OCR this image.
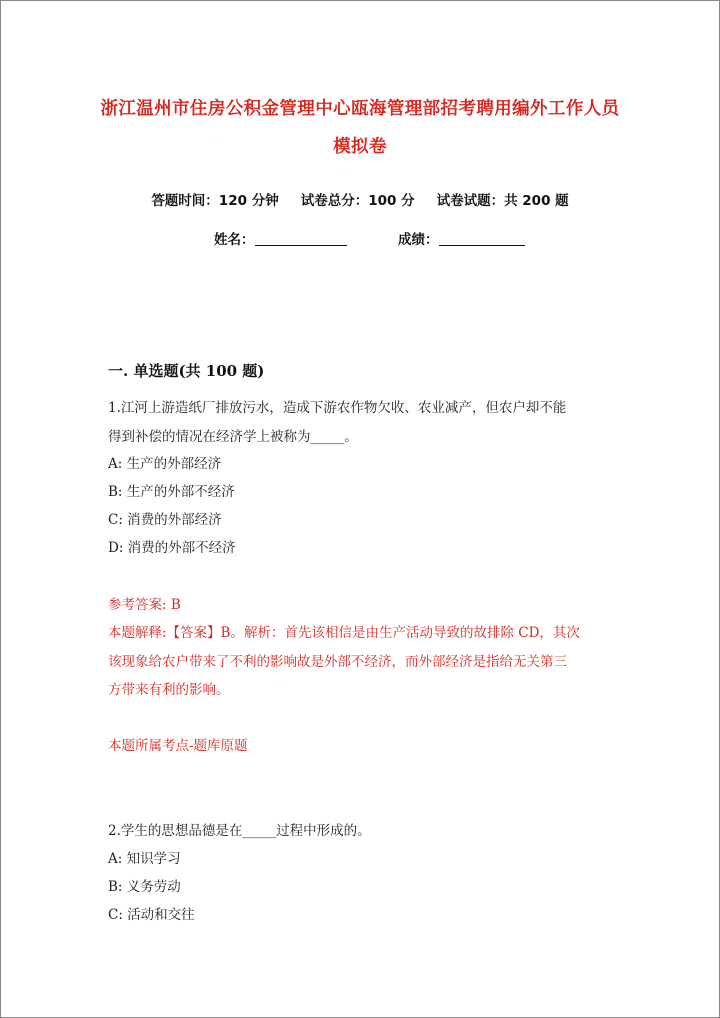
浙江温州市住房公积金管理中心瓯海管理部招考聘用编外工作人员
模拟卷
答题时间：120 分钟 试卷总分：100 分 试卷试题：共 200 题
姓名：	成绩：
一. 单选题(共 100 题)
1.江河上游造纸厂排放污水，造成下游农作物欠收、农业减产，但农户却不能
得到补偿的情况在经济学上被称为_____。
A: 生产的外部经济
B: 生产的外部不经济
C: 消费的外部经济
D: 消费的外部不经济
参考答案: B
本题解释:【答案】B。解析：首先该相信是由生产活动导致的故排除 CD，其次
该现象给农户带来了不利的影响故是外部不经济，而外部经济是指给无关第三
方带来有利的影响。
本题所属考点-题库原题
2.学生的思想品德是在_____过程中形成的。
A: 知识学习
B: 义务劳动
C: 活动和交往
